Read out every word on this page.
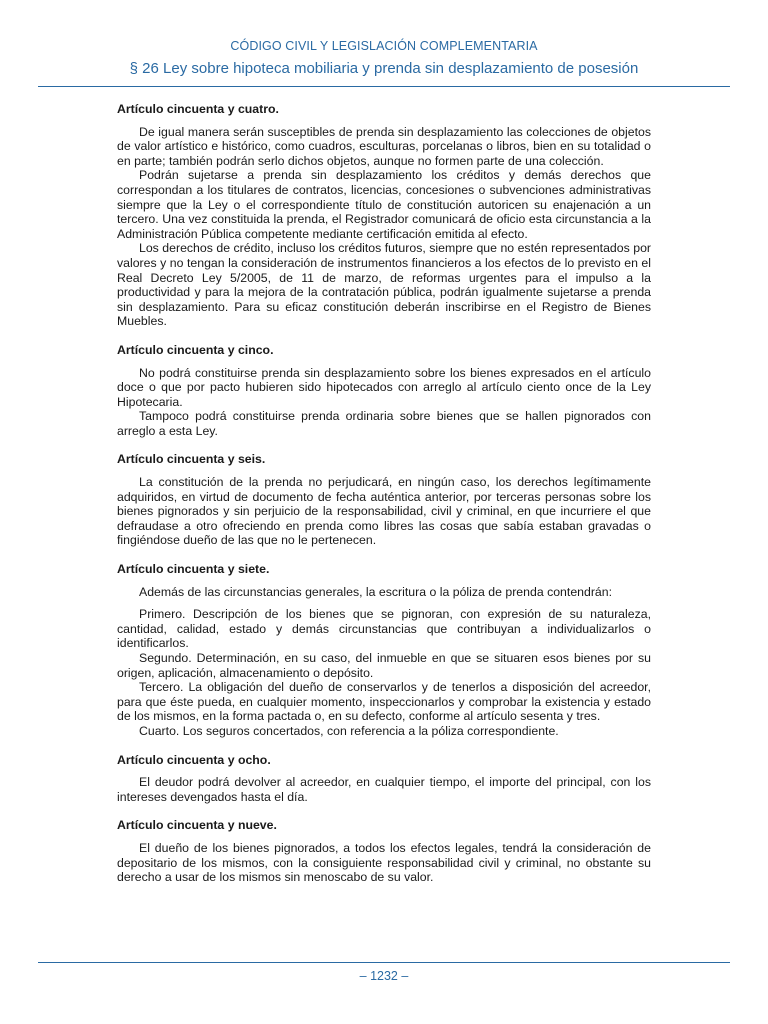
CÓDIGO CIVIL Y LEGISLACIÓN COMPLEMENTARIA
§ 26 Ley sobre hipoteca mobiliaria y prenda sin desplazamiento de posesión

Artículo cincuenta y cuatro.

De igual manera serán susceptibles de prenda sin desplazamiento las colecciones de objetos de valor artístico e histórico, como cuadros, esculturas, porcelanas o libros, bien en su totalidad o en parte; también podrán serlo dichos objetos, aunque no formen parte de una colección.

Podrán sujetarse a prenda sin desplazamiento los créditos y demás derechos que correspondan a los titulares de contratos, licencias, concesiones o subvenciones administrativas siempre que la Ley o el correspondiente título de constitución autoricen su enajenación a un tercero. Una vez constituida la prenda, el Registrador comunicará de oficio esta circunstancia a la Administración Pública competente mediante certificación emitida al efecto.

Los derechos de crédito, incluso los créditos futuros, siempre que no estén representados por valores y no tengan la consideración de instrumentos financieros a los efectos de lo previsto en el Real Decreto Ley 5/2005, de 11 de marzo, de reformas urgentes para el impulso a la productividad y para la mejora de la contratación pública, podrán igualmente sujetarse a prenda sin desplazamiento. Para su eficaz constitución deberán inscribirse en el Registro de Bienes Muebles.

Artículo cincuenta y cinco.

No podrá constituirse prenda sin desplazamiento sobre los bienes expresados en el artículo doce o que por pacto hubieren sido hipotecados con arreglo al artículo ciento once de la Ley Hipotecaria.

Tampoco podrá constituirse prenda ordinaria sobre bienes que se hallen pignorados con arreglo a esta Ley.

Artículo cincuenta y seis.

La constitución de la prenda no perjudicará, en ningún caso, los derechos legítimamente adquiridos, en virtud de documento de fecha auténtica anterior, por terceras personas sobre los bienes pignorados y sin perjuicio de la responsabilidad, civil y criminal, en que incurriere el que defraudase a otro ofreciendo en prenda como libres las cosas que sabía estaban gravadas o fingiéndose dueño de las que no le pertenecen.

Artículo cincuenta y siete.

Además de las circunstancias generales, la escritura o la póliza de prenda contendrán:

Primero. Descripción de los bienes que se pignoran, con expresión de su naturaleza, cantidad, calidad, estado y demás circunstancias que contribuyan a individualizarlos o identificarlos.

Segundo. Determinación, en su caso, del inmueble en que se situaren esos bienes por su origen, aplicación, almacenamiento o depósito.

Tercero. La obligación del dueño de conservarlos y de tenerlos a disposición del acreedor, para que éste pueda, en cualquier momento, inspeccionarlos y comprobar la existencia y estado de los mismos, en la forma pactada o, en su defecto, conforme al artículo sesenta y tres.

Cuarto. Los seguros concertados, con referencia a la póliza correspondiente.

Artículo cincuenta y ocho.

El deudor podrá devolver al acreedor, en cualquier tiempo, el importe del principal, con los intereses devengados hasta el día.

Artículo cincuenta y nueve.

El dueño de los bienes pignorados, a todos los efectos legales, tendrá la consideración de depositario de los mismos, con la consiguiente responsabilidad civil y criminal, no obstante su derecho a usar de los mismos sin menoscabo de su valor.

– 1232 –
